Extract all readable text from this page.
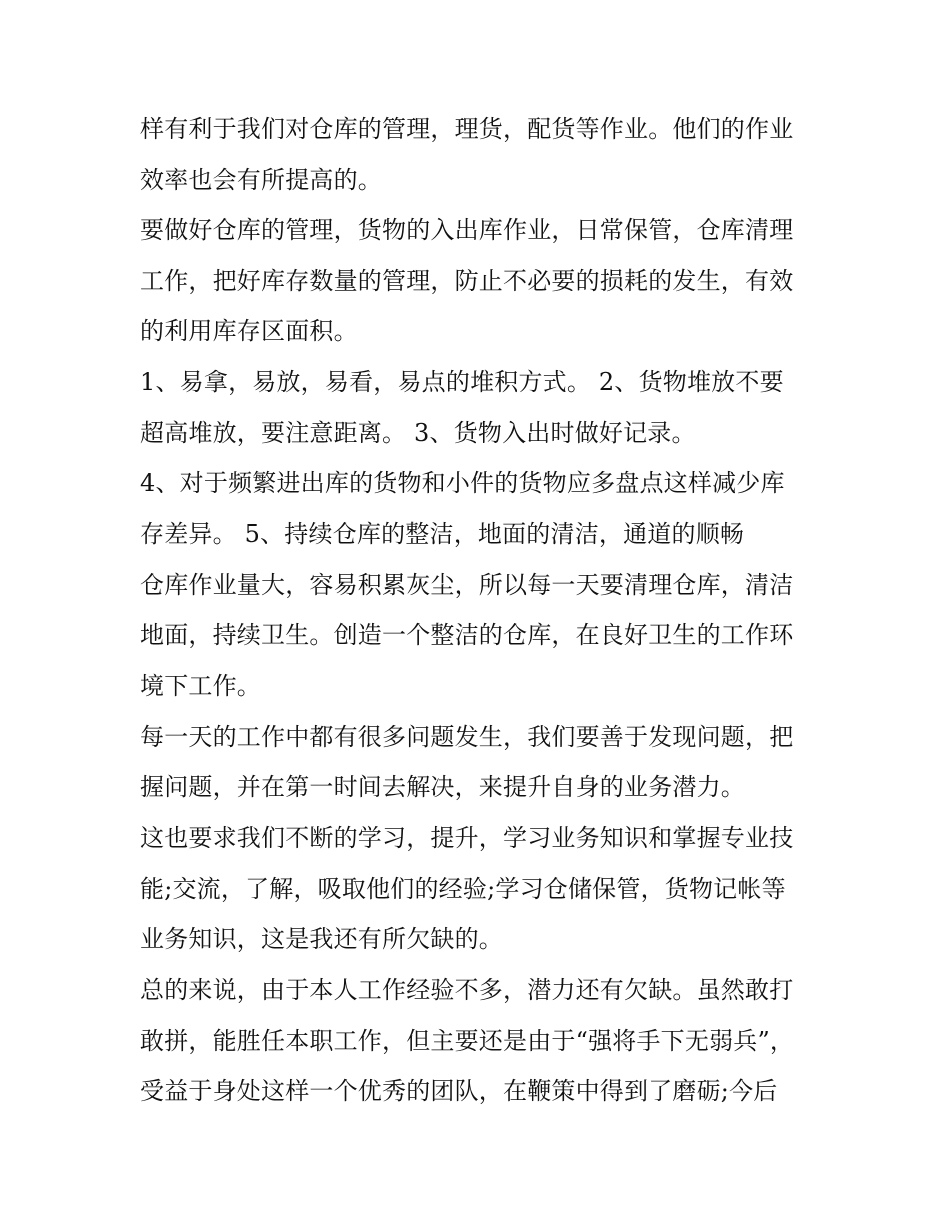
样有利于我们对仓库的管理，理货，配货等作业。他们的作业
效率也会有所提高的。
要做好仓库的管理，货物的入出库作业，日常保管，仓库清理
工作，把好库存数量的管理，防止不必要的损耗的发生，有效
的利用库存区面积。
1、易拿，易放，易看，易点的堆积方式。 2、货物堆放不要
超高堆放，要注意距离。 3、货物入出时做好记录。
4、对于频繁进出库的货物和小件的货物应多盘点这样减少库
存差异。 5、持续仓库的整洁，地面的清洁，通道的顺畅
仓库作业量大，容易积累灰尘，所以每一天要清理仓库，清洁
地面，持续卫生。创造一个整洁的仓库，在良好卫生的工作环
境下工作。
每一天的工作中都有很多问题发生，我们要善于发现问题，把
握问题，并在第一时间去解决，来提升自身的业务潜力。
这也要求我们不断的学习，提升，学习业务知识和掌握专业技
能;交流，了解，吸取他们的经验;学习仓储保管，货物记帐等
业务知识，这是我还有所欠缺的。
总的来说，由于本人工作经验不多，潜力还有欠缺。虽然敢打
敢拼，能胜任本职工作，但主要还是由于“强将手下无弱兵”，
受益于身处这样一个优秀的团队，在鞭策中得到了磨砺;今后
